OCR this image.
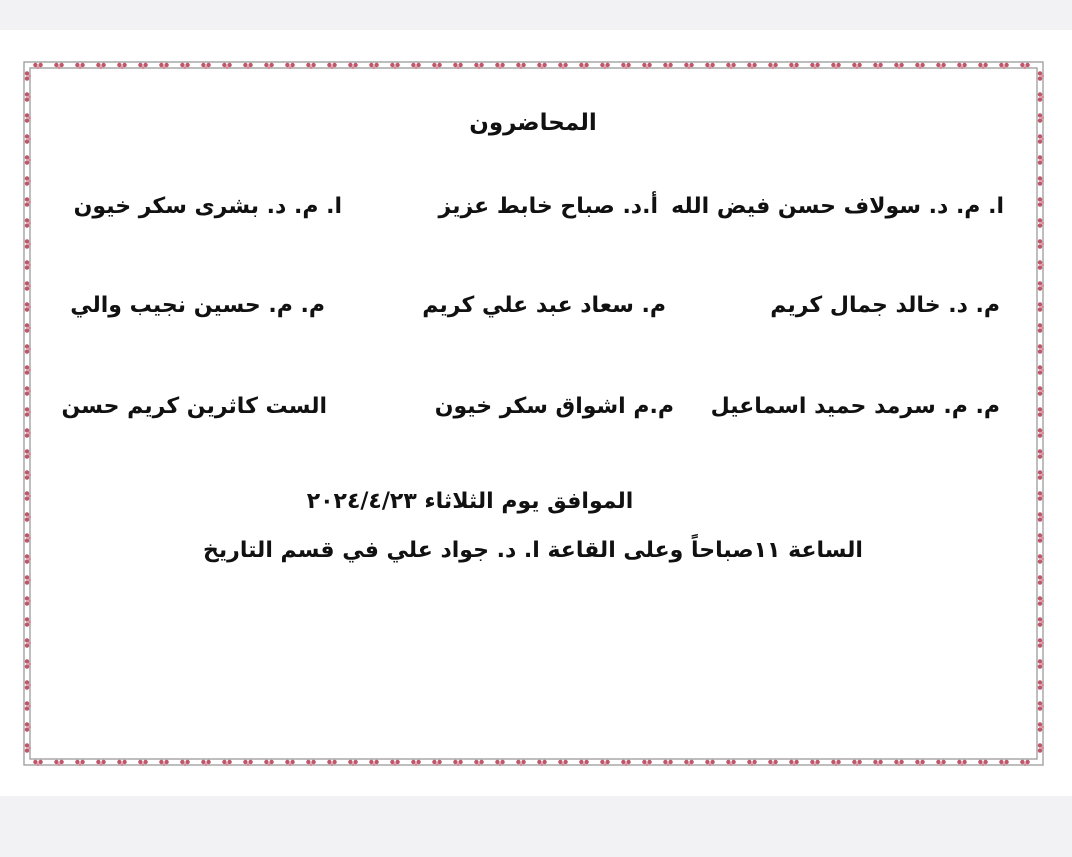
المحاضرون
ا. م. د. سولاف حسن فيض الله
أ.د. صباح خابط عزيز
ا. م. د. بشرى سكر خيون
م. د. خالد جمال كريم
م. سعاد عبد علي كريم
م. م. حسين نجيب والي
م. م. سرمد حميد اسماعيل
م.م اشواق سكر خيون
الست كاثرين كريم حسن
الموافق يوم الثلاثاء ٢٠٢٤/٤/٢٣
الساعة ١١صباحاً وعلى القاعة ا. د. جواد علي في قسم التاريخ
